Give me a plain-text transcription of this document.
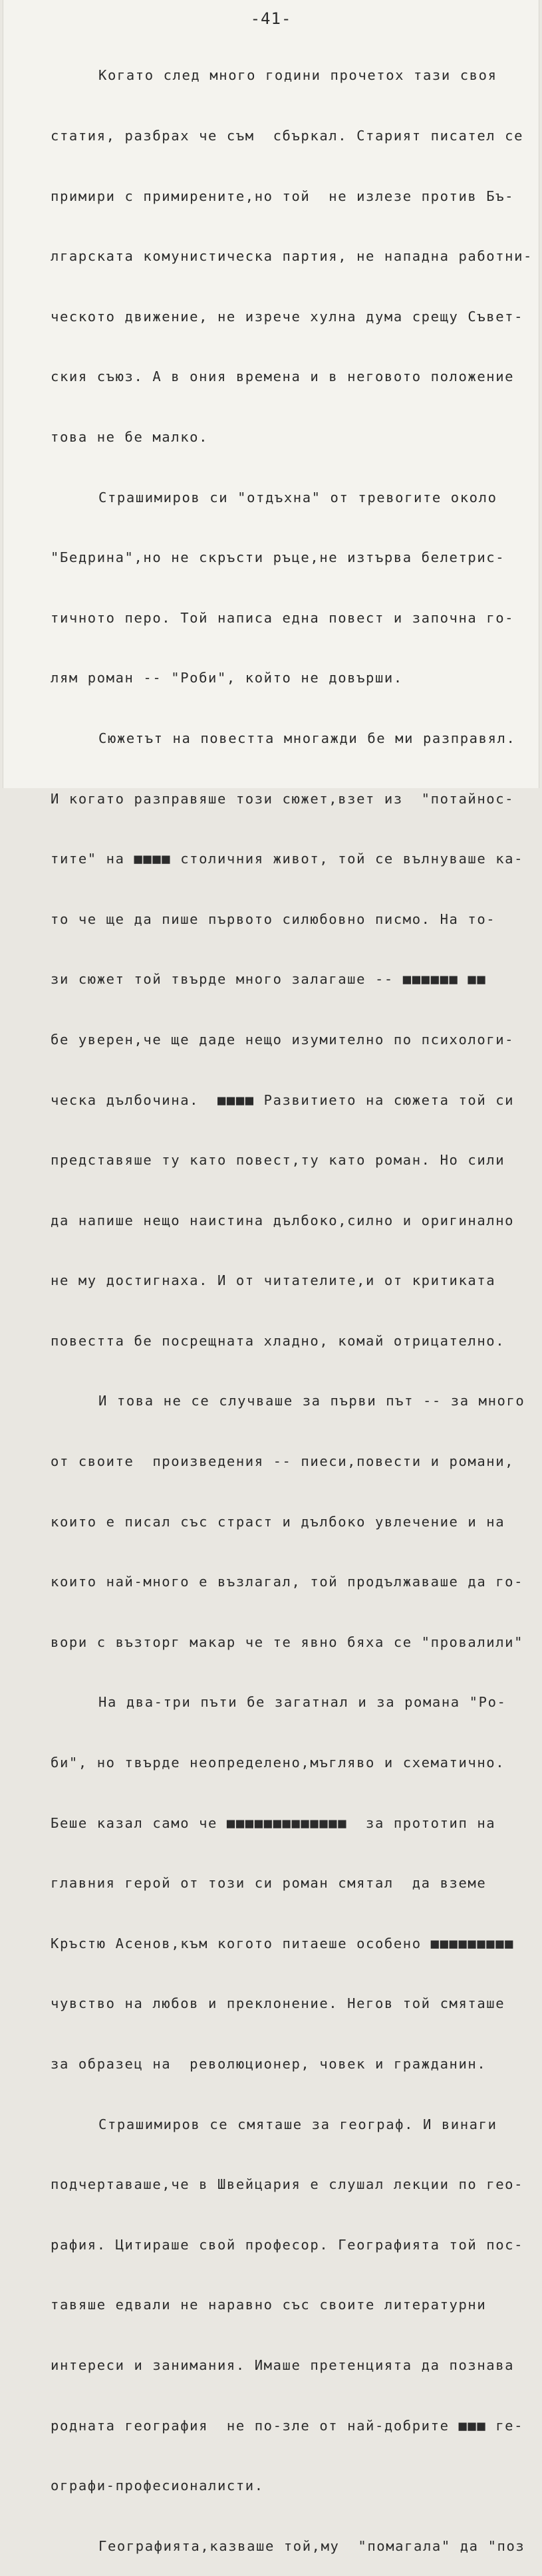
-41-

Когато след много години прочетох тази своя

статия, разбрах че съм  сбъркал. Старият писател се

примири с примирените,но той  не излезе против Бъ-

лгарската комунистическа партия, не нападна работни-

ческото движение, не изрече хулна дума срещу Съвет-

ския съюз. А в ония времена и в неговото положение

това не бе малко.

Страшимиров си "отдъхна" от тревогите около

"Бедрина",но не скръсти ръце,не изтърва белетрис-

тичното перо. Той написа една повест и започна го-

лям роман -- "Роби", който не довърши.

Сюжетът на повестта многажди бе ми разправял.

И когато разправяше този сюжет,взет из  "потайнос-

тите" на ■■■■ столичния живот, той се вълнуваше ка-

то че ще да пише първото силюбовно писмо. На то-

зи сюжет той твърде много залагаше -- ■■■■■■ ■■

бе уверен,че ще даде нещо изумително по психологи-

ческа дълбочина.  ■■■■ Развитието на сюжета той си

представяше ту като повест,ту като роман. Но сили

да напише нещо наистина дълбоко,силно и оригинално

не му достигнаха. И от читателите,и от критиката

повестта бе посрещната хладно, комай отрицателно.

И това не се случваше за първи път -- за много

от своите  произведения -- пиеси,повести и романи,

които е писал със страст и дълбоко увлечение и на

които най-много е възлагал, той продължаваше да го-

вори с възторг макар че те явно бяха се "провалили"

На два-три пъти бе загатнал и за романа "Ро-

би", но твърде неопределено,мъгляво и схематично.

Беше казал само че ■■■■■■■■■■■■■  за прототип на

главния герой от този си роман смятал  да вземе

Кръстю Асенов,към когото питаеше особено ■■■■■■■■■

чувство на любов и преклонение. Негов той смяташе

за образец на  революционер, човек и гражданин.

Страшимиров се смяташе за географ. И винаги

подчертаваше,че в Швейцария е слушал лекции по гео-

рафия. Цитираше свой професор. Географията той пос-

тавяше едвали не наравно със своите литературни

интереси и занимания. Имаше претенцията да познава

родната география  не по-зле от най-добрите ■■■ ге-

ографи-професионалисти.

Географията,казваше той,му  "помагала" да "поз
